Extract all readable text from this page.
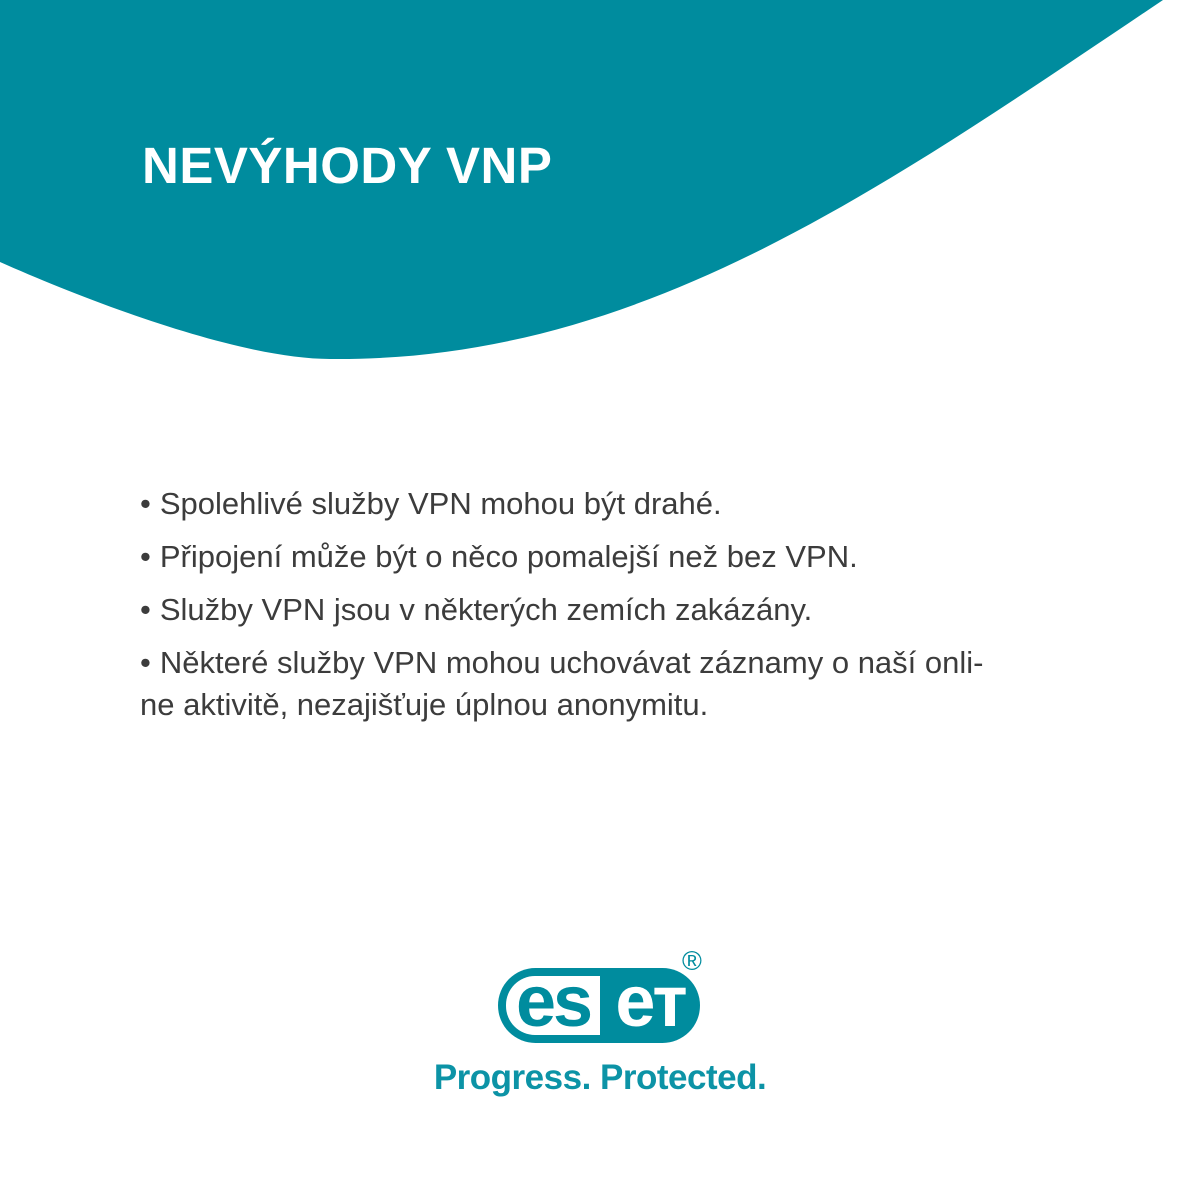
NEVÝHODY VNP

• Spolehlivé služby VPN mohou být drahé.

• Připojení může být o něco pomalejší než bez VPN.

• Služby VPN jsou v některých zemích zakázány.

• Některé služby VPN mohou uchovávat záznamy o naší onli-
ne aktivitě, nezajišťuje úplnou anonymitu.

es eт
®
Progress. Protected.
